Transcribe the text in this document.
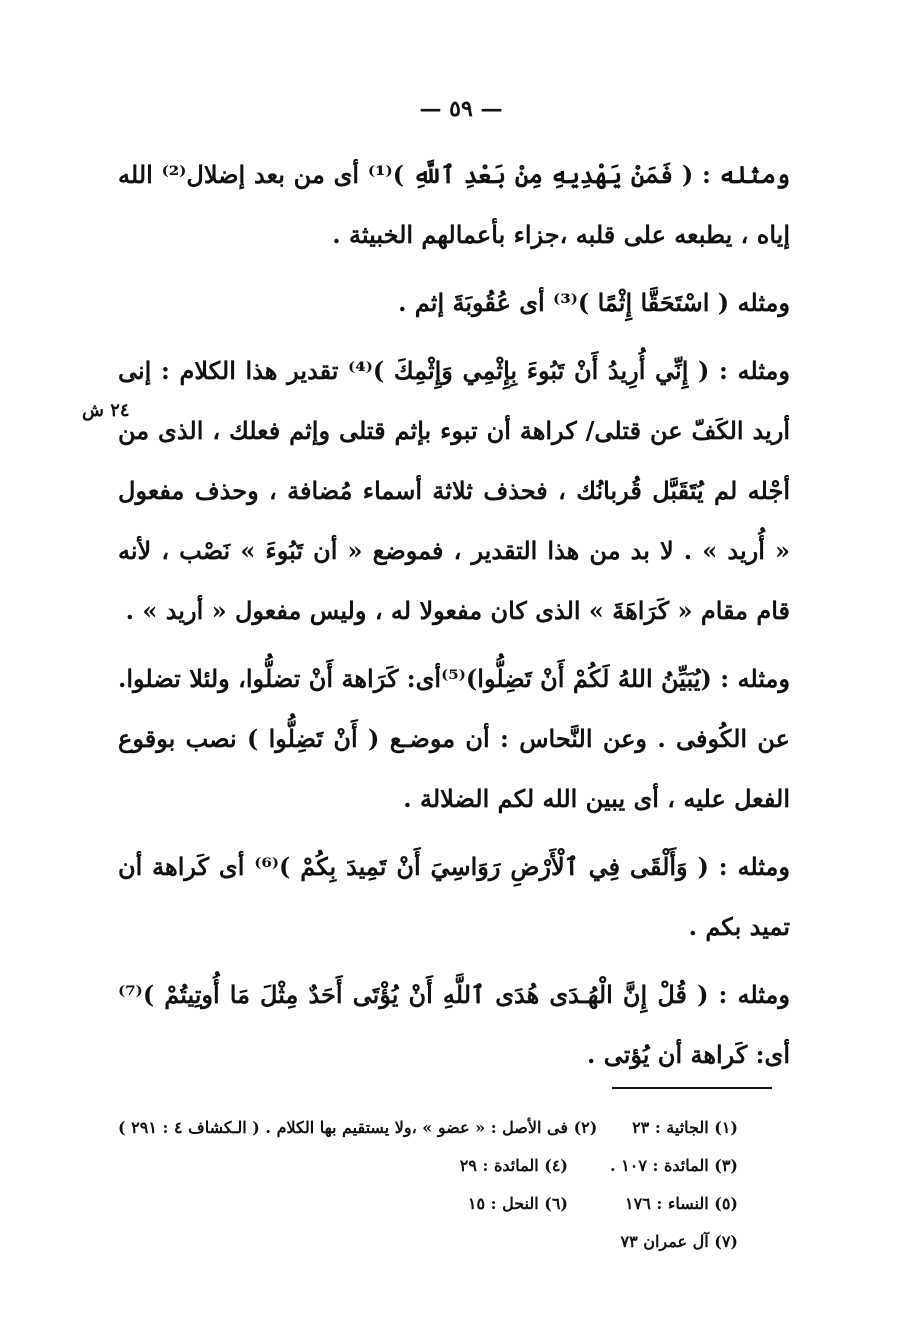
— ٥٩ —
٢٤ ش

ومثله : ( فَمَنْ يَهْدِيهِ مِنْ بَعْدِ ٱللَّهِ )⁽¹⁾ أى من بعد إضلال⁽²⁾ الله إياه ، يطبعه على قلبه ،جزاء بأعمالهم الخبيثة .

ومثله ( اسْتَحَقَّا إِثْمًا )⁽³⁾ أى عُقُوبَةَ إثم .

ومثله : ( إِنِّي أُرِيدُ أَنْ تَبُوءَ بِإِثْمِي وَإِثْمِكَ )⁽⁴⁾ تقدير هذا الكلام : إنى أريد الكَفّ عن قتلى/ كراهة أن تبوء بإثم قتلى وإثم فعلك ، الذى من أجْله لم يُتَقَبَّل قُربانُك ، فحذف ثلاثة أسماء مُضافة ، وحذف مفعول « أُريد » . لا بد من هذا التقدير ، فموضع « أن تَبُوءَ » نَصْب ، لأنه قام مقام « كَرَاهَةَ » الذى كان مفعولا له ، وليس مفعول « أريد » .

ومثله : (يُبَيِّنُ اللهُ لَكُمْ أَنْ تَضِلُّوا)⁽⁵⁾أى: كَرَاهة أَنْ تضلُّوا، ولئلا تضلوا. عن الكُوفى . وعن النَّحاس : أن موضـع ( أَنْ تَضِلُّوا ) نصب بوقوع الفعل عليه ، أى يبين الله لكم الضلالة .

ومثله : ( وَأَلْقَى فِي ٱلْأَرْضِ رَوَاسِيَ أَنْ تَمِيدَ بِكُمْ )⁽⁶⁾ أى كَراهة أن تميد بكم .

ومثله : ( قُلْ إِنَّ الْهُـدَى هُدَى ٱللَّهِ أَنْ يُؤْتَى أَحَدٌ مِثْلَ مَا أُوتِيتُمْ )⁽⁷⁾ أى: كَراهة أن يُؤتى .

(١) الجاثية : ٢٣
(٢) فى الأصل : « عضو » ،ولا يستقيم بها الكلام . ( الـكشاف ٤ : ٢٩١ )
(٣) المائدة : ١٠٧ .
(٤) المائدة : ٢٩
(٥) النساء : ١٧٦
(٦) النحل : ١٥
(٧) آل عمران ٧٣
